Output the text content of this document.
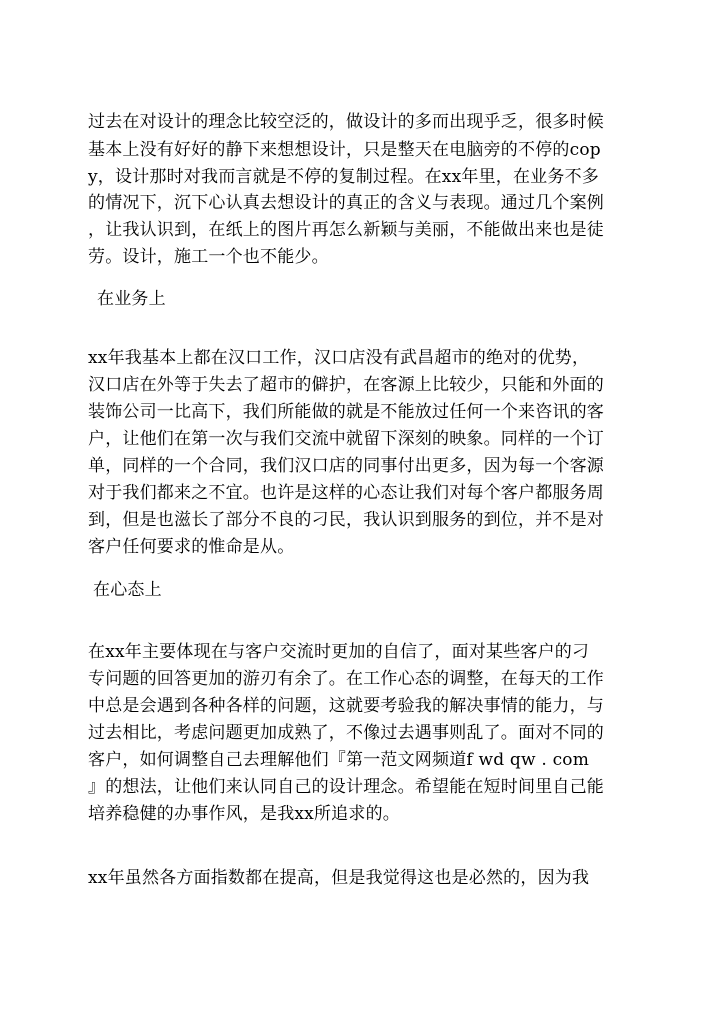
过去在对设计的理念比较空泛的，做设计的多而出现乎乏，很多时候
基本上没有好好的静下来想想设计，只是整天在电脑旁的不停的cop
y，设计那时对我而言就是不停的复制过程。在xx年里，在业务不多
的情况下，沉下心认真去想设计的真正的含义与表现。通过几个案例
，让我认识到，在纸上的图片再怎么新颖与美丽，不能做出来也是徒
劳。设计，施工一个也不能少。
在业务上
xx年我基本上都在汉口工作，汉口店没有武昌超市的绝对的优势，
汉口店在外等于失去了超市的僻护，在客源上比较少，只能和外面的
装饰公司一比高下，我们所能做的就是不能放过任何一个来咨讯的客
户，让他们在第一次与我们交流中就留下深刻的映象。同样的一个订
单，同样的一个合同，我们汉口店的同事付出更多，因为每一个客源
对于我们都来之不宜。也许是这样的心态让我们对每个客户都服务周
到，但是也滋长了部分不良的刁民，我认识到服务的到位，并不是对
客户任何要求的惟命是从。
在心态上
在xx年主要体现在与客户交流时更加的自信了，面对某些客户的刁
专问题的回答更加的游刃有余了。在工作心态的调整，在每天的工作
中总是会遇到各种各样的问题，这就要考验我的解决事情的能力，与
过去相比，考虑问题更加成熟了，不像过去遇事则乱了。面对不同的
客户，如何调整自己去理解他们『第一范文网频道f wd qw . com
』的想法，让他们来认同自己的设计理念。希望能在短时间里自己能
培养稳健的办事作风，是我xx所追求的。
xx年虽然各方面指数都在提高，但是我觉得这也是必然的，因为我
